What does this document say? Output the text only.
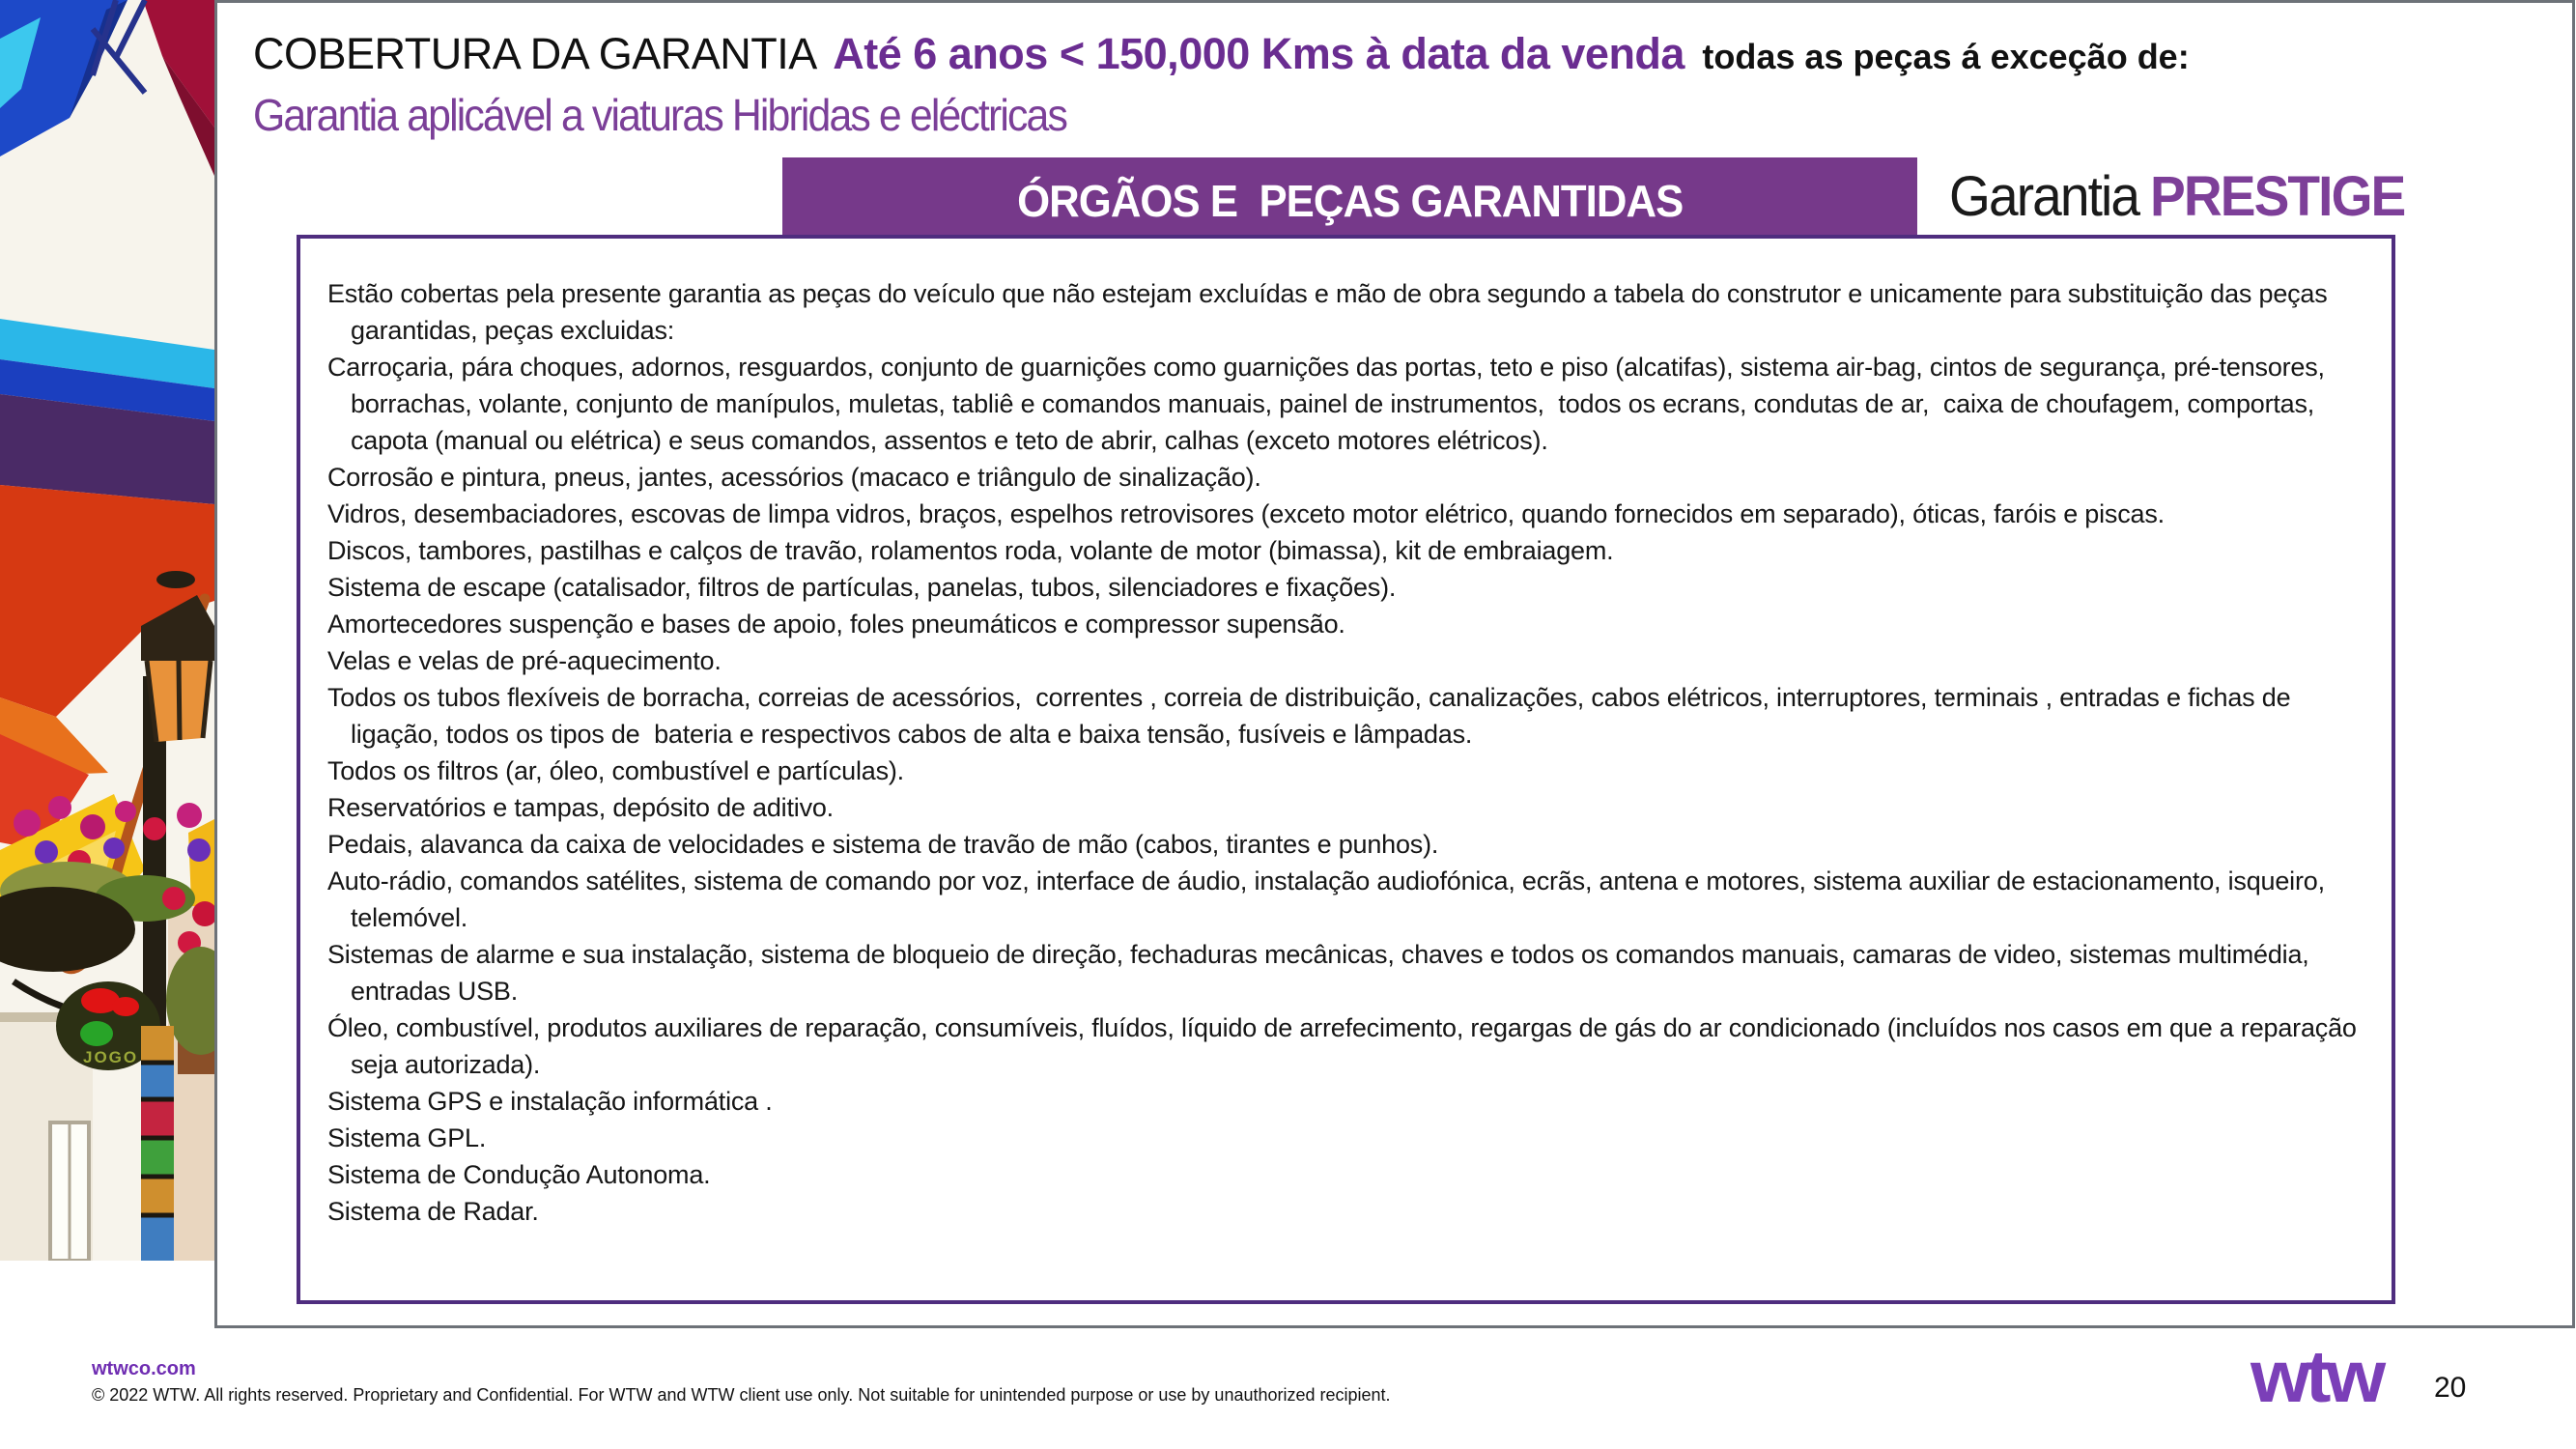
JOGO
COBERTURA DA GARANTIA Até 6 anos < 150,000 Kms à data da venda todas as peças á exceção de:
Garantia aplicável a viaturas Hibridas e eléctricas
ÓRGÃOS E  PEÇAS GARANTIDAS	Garantia PRESTIGE

Estão cobertas pela presente garantia as peças do veículo que não estejam excluídas e mão de obra segundo a tabela do construtor e unicamente para substituição das peças garantidas, peças excluidas:

Carroçaria, pára choques, adornos, resguardos, conjunto de guarnições como guarnições das portas, teto e piso (alcatifas), sistema air-bag, cintos de segurança, pré-tensores, borrachas, volante, conjunto de manípulos, muletas, tabliê e comandos manuais, painel de instrumentos,  todos os ecrans, condutas de ar,  caixa de choufagem, comportas, capota (manual ou elétrica) e seus comandos, assentos e teto de abrir, calhas (exceto motores elétricos).

Corrosão e pintura, pneus, jantes, acessórios (macaco e triângulo de sinalização).

Vidros, desembaciadores, escovas de limpa vidros, braços, espelhos retrovisores (exceto motor elétrico, quando fornecidos em separado), óticas, faróis e piscas.

Discos, tambores, pastilhas e calços de travão, rolamentos roda, volante de motor (bimassa), kit de embraiagem.

Sistema de escape (catalisador, filtros de partículas, panelas, tubos, silenciadores e fixações).

Amortecedores suspenção e bases de apoio, foles pneumáticos e compressor supensão.

Velas e velas de pré-aquecimento.

Todos os tubos flexíveis de borracha, correias de acessórios,  correntes , correia de distribuição, canalizações, cabos elétricos, interruptores, terminais , entradas e fichas de ligação, todos os tipos de  bateria e respectivos cabos de alta e baixa tensão, fusíveis e lâmpadas.

Todos os filtros (ar, óleo, combustível e partículas).

Reservatórios e tampas, depósito de aditivo.

Pedais, alavanca da caixa de velocidades e sistema de travão de mão (cabos, tirantes e punhos).

Auto-rádio, comandos satélites, sistema de comando por voz, interface de áudio, instalação audiofónica, ecrãs, antena e motores, sistema auxiliar de estacionamento, isqueiro, telemóvel.

Sistemas de alarme e sua instalação, sistema de bloqueio de direção, fechaduras mecânicas, chaves e todos os comandos manuais, camaras de video, sistemas multimédia, entradas USB.

Óleo, combustível, produtos auxiliares de reparação, consumíveis, fluídos, líquido de arrefecimento, regargas de gás do ar condicionado (incluídos nos casos em que a reparação seja autorizada).

Sistema GPS e instalação informática .

Sistema GPL.

Sistema de Condução Autonoma.

Sistema de Radar.

wtwco.com
© 2022 WTW. All rights reserved. Proprietary and Confidential. For WTW and WTW client use only. Not suitable for unintended purpose or use by unauthorized recipient.	wtw 20
